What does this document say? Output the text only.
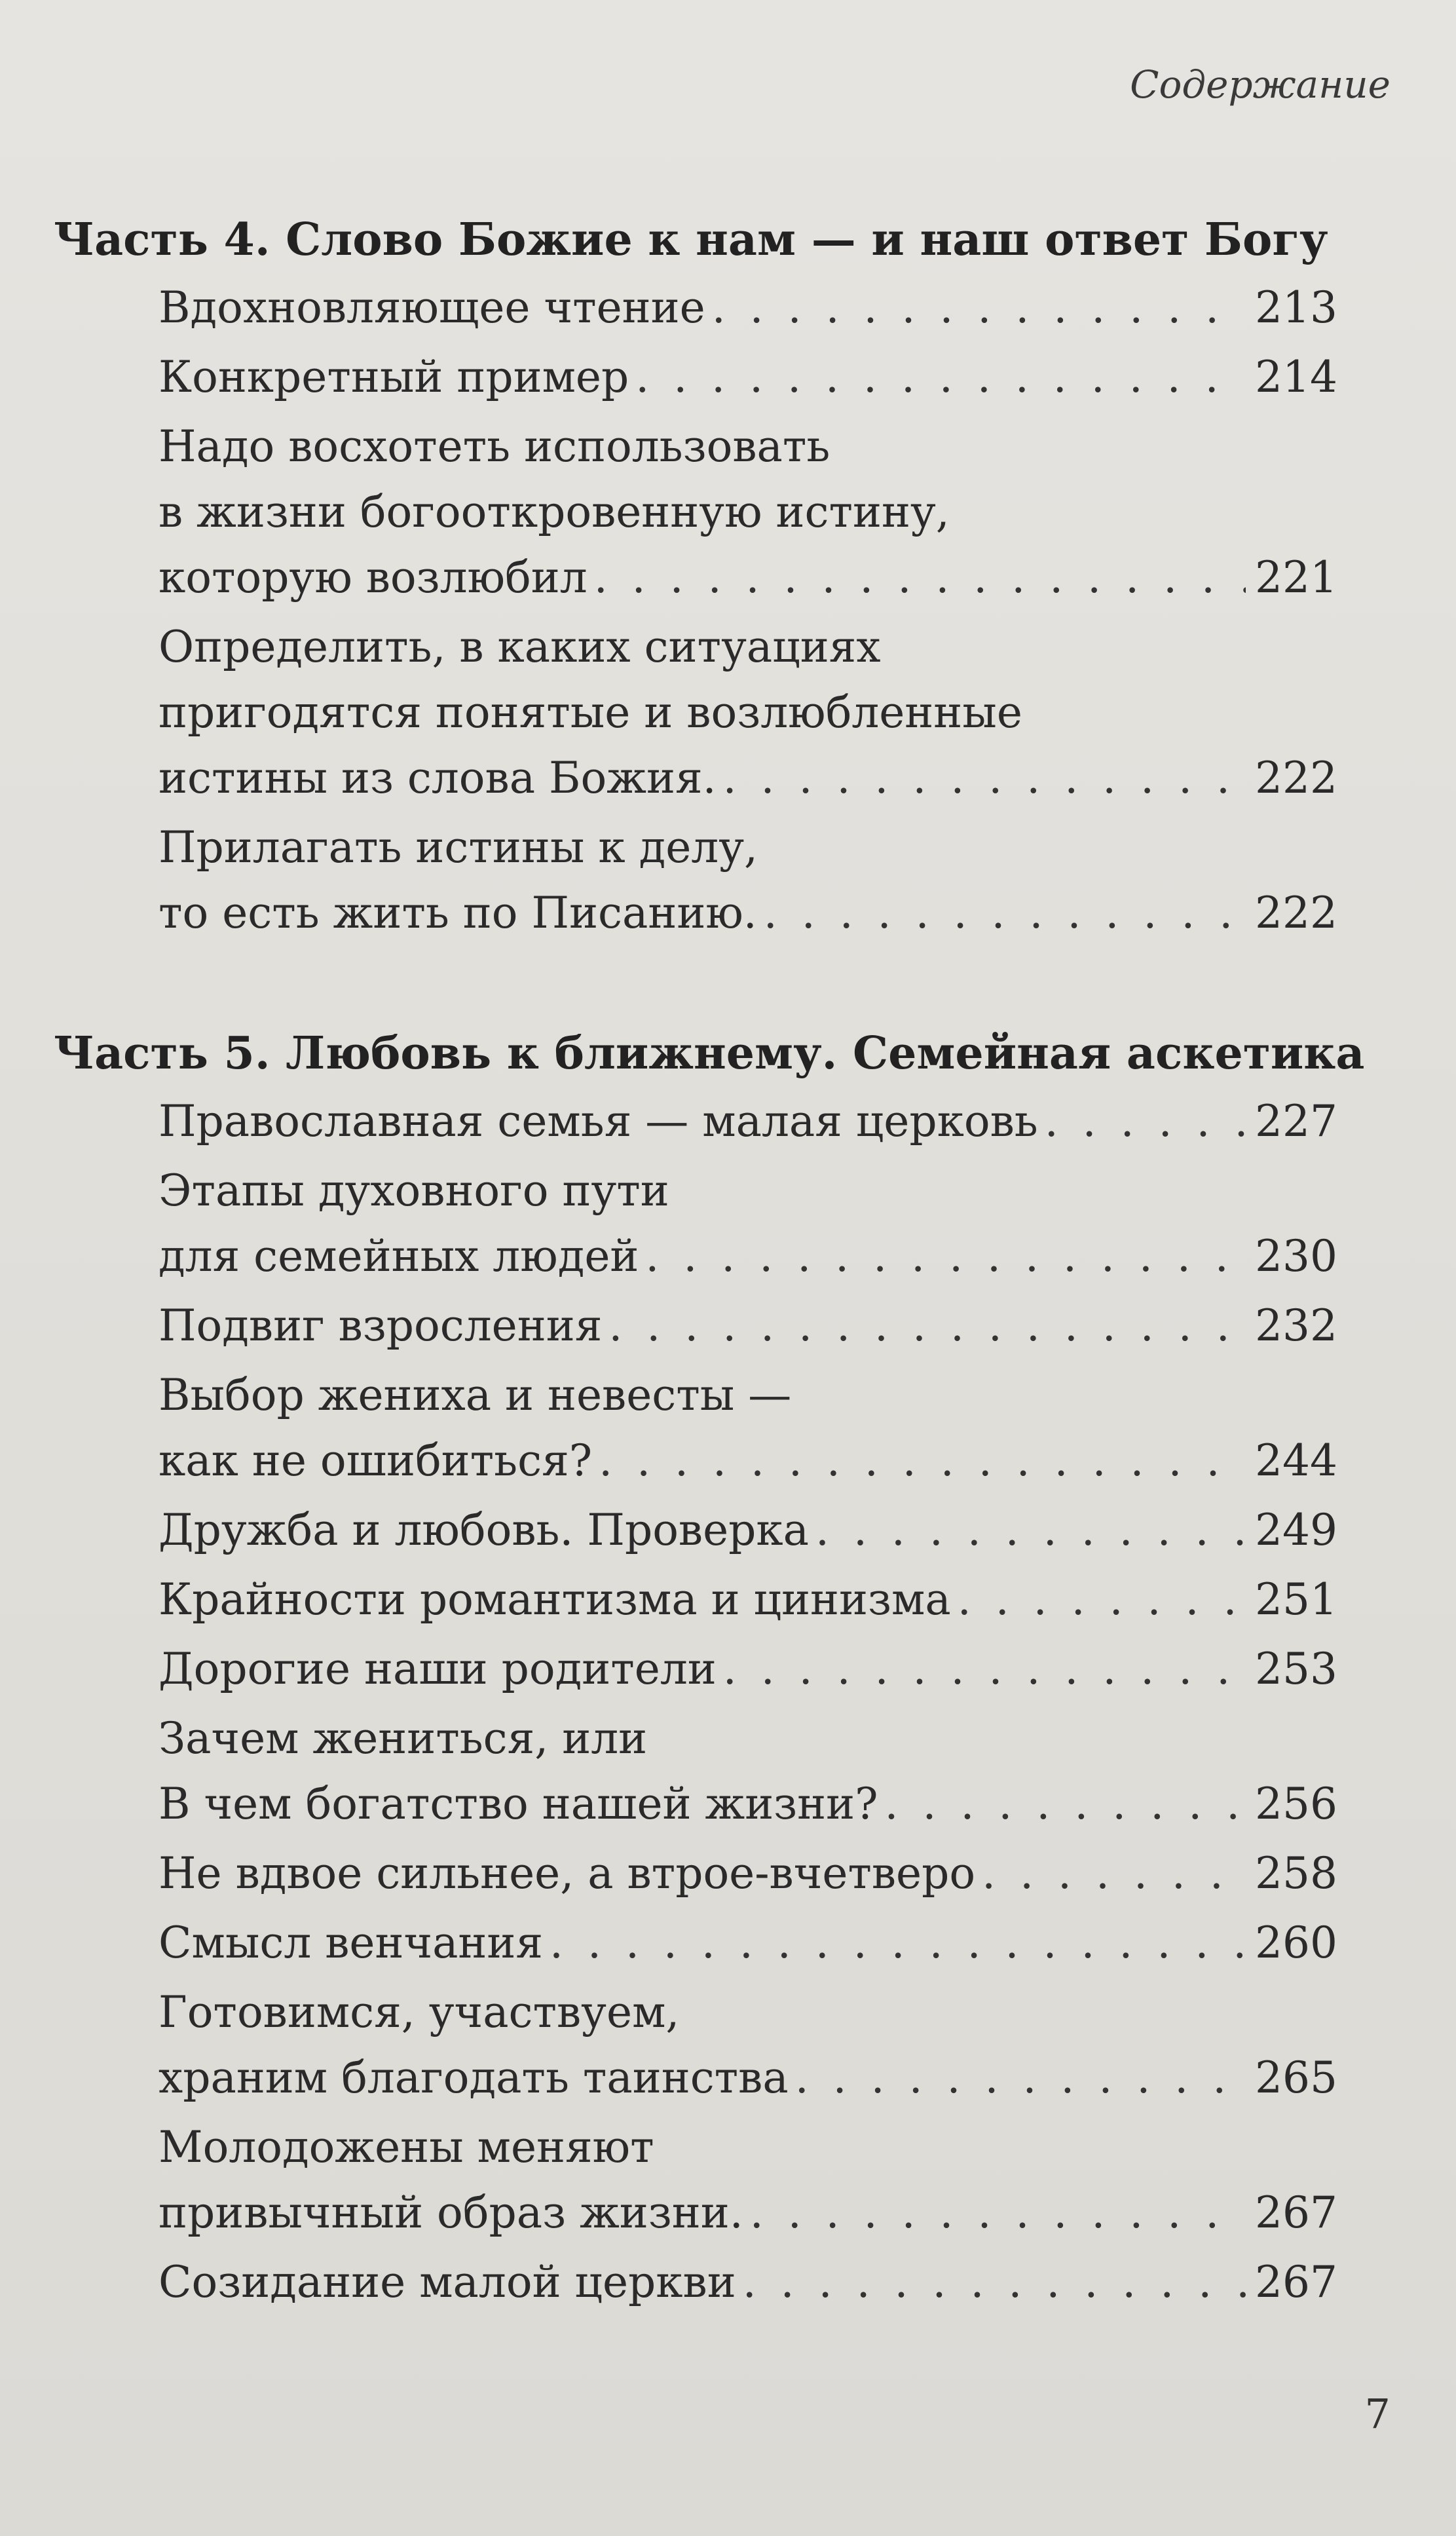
Содержание
Часть 4. Слово Божие к нам — и наш ответ Богу
Вдохновляющее чтение . . .	213
Конкретный пример . . .	214
Надо восхотеть использовать
в жизни богооткровенную истину,
которую возлюбил . . .	221
Определить, в каких ситуациях
пригодятся понятые и возлюбленные
истины из слова Божия. . . .	222
Прилагать истины к делу,
то есть жить по Писанию. . . .	222
Часть 5. Любовь к ближнему. Семейная аскетика
Православная семья — малая церковь . . .	227
Этапы духовного пути
для семейных людей . . .	230
Подвиг взросления . . .	232
Выбор жениха и невесты —
как не ошибиться? . . .	244
Дружба и любовь. Проверка . . .	249
Крайности романтизма и цинизма . . .	251
Дорогие наши родители . . .	253
Зачем жениться, или
В чем богатство нашей жизни? . . .	256
Не вдвое сильнее, а втрое-вчетверо . . .	258
Смысл венчания . . .	260
Готовимся, участвуем,
храним благодать таинства . . .	265
Молодожены меняют
привычный образ жизни. . . .	267
Созидание малой церкви . . .	267
7
